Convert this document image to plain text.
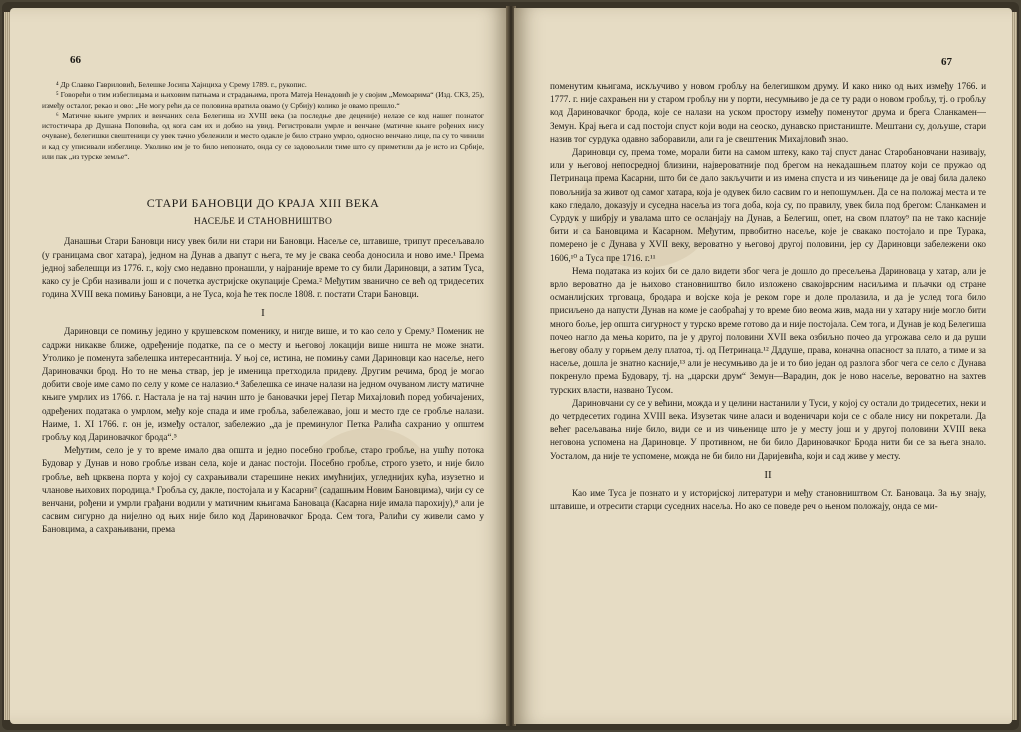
66

⁴ Др Славко Гавриловић, Белешке Јосипа Хајнциха у Срему 1789. г., рукопис.

⁵ Говорећи о тим избеглицама и њиховим патњама и страдањима, прота Матеја Ненадовић је у својим „Мемоарима“ (Изд. СКЗ, 25), између осталог, рекао и ово: „Не могу рећи да се половина вратила овамо (у Србију) колико је овамо прешло.“

⁶ Матичне књиге умрлих и венчаних села Белегиша из XVIII века (за последње две деценије) нелазе се код нашег познатог истостичара др Душана Поповића, од кога сам их и добио на увид. Регистровали умрле и венчане (матичне књиге рођених нису очуване), белегишки свештеници су увек тачно убележили и место одакле је било страно умрло, односно венчано лице, па су то чинили и кад су уписивали избеглице. Уколико им је то било непознато, онда су се задовољили тиме што су приметили да је исто из Србије, или пак „из турске земље“.

СТАРИ БАНОВЦИ ДО КРАЈА XIII ВЕКА
НАСЕЉЕ И СТАНОВНИШТВО

Данашњи Стари Бановци нису увек били ни стари ни Бановци. Насеље се, штавише, трипут пресељавало (у границама свог хатара), једном на Дунав а двапут с њега, те му је свака сеоба доносила и ново име.¹ Према једној забелешци из 1776. г., коју смо недавно пронашли, у најраније време то су били Дариновци, а затим Туса, како су је Срби називали још и с почетка аустријске окупације Срема.² Међутим званично се већ од тридесетих година XVIII века помињу Бановци, а не Туса, која ће тек после 1808. г. постати Стари Бановци.

I

Дариновци се помињу једино у крушевском поменику, и нигде више, и то као село у Срему.³ Поменик не садржи никакве ближе, одређеније податке, па се о месту и његовој локацији више ништа не може знати. Утолико је поменута забелешка интересантнија. У њој се, истина, не помињу сами Дариновци као насеље, него Дариновачки брод. Но то не мења ствар, јер је именица претходила придеву. Другим речима, брод је могао добити своје име само по селу у коме се налазио.⁴ Забелешка се иначе налази на једном очуваном листу матичне књиге умрлих из 1766. г. Настала је на тај начин што је бановачки јереј Петар Михајловић поред уобичајених, одређених података о умрлом, међу које спада и име гробља, забележавао, још и место где се гробље налази. Наиме, 1. XI 1766. г. он је, између осталог, забележио „да је преминулог Петка Ралића сахранио у општем гробљу код Дариновачког брода“.⁵

Међутим, село је у то време имало два општа и једно посебно гробље, старо гробље, на ушћу потока Будовар у Дунав и ново гробље изван села, које и данас постоји. Посебно гробље, строго узето, и није било гробље, већ црквена порта у којој су сахрањивали старешине неких имућнијих, угледнијих кућа, изузетно и чланове њихових породица.⁶ Гробља су, дакле, постојала и у Касарни⁷ (садашњим Новим Бановцима), чији су се венчани, рођени и умрли грађани водили у матичним књигама Бановаца (Касарна није имала парохију),⁸ али је сасвим сигурно да нијелно од њих није било код Дариновачког Брода. Сем тога, Ралићи су живели само у Бановцима, а сахрањивани, према

67

поменутим књигама, искључиво у новом гробљу на белегишком друму. И како нико од њих између 1766. и 1777. г. није сахрањен ни у старом гробљу ни у порти, несумњиво је да се ту ради о новом гробљу, тј. о гробљу код Дариновачког брода, које се налази на уском простору између поменутог друма и брега Сланкамен—Земун. Крај њега и сад постоји спуст који води на сеоско, дунавско пристаниште. Мештани су, дољуше, стари назив тог сурдука одавно заборавили, али га је свештеник Михајловић знао.

Дариновци су, према томе, морали бити на самом штеку, како тај спуст данас Старобановчани називају, или у његовој непосредној близини, највероватније под брегом на некадашњем платоу који се пружао од Петринаца према Касарни, што би се дало закључити и из имена спуста и из чињенице да је овај била далеко повољнија за живот од самог хатара, која је одувек било сасвим го и непошумљен. Да се на положај места и те како гледало, доказују и суседна насеља из тога доба, која су, по правилу, увек била под брегом: Сланкамен и Сурдук у шибрју и увалама што се осланјају на Дунав, а Белегиш, опет, на свом платоу⁹ па не тако касније бити и са Бановцима и Касарном. Међутим, првобитно насеље, које је свакако постојало и пре Турака, померено је с Дунава у XVII веку, вероватно у његовој другој половини, јер су Дариновци забележени око 1606,¹⁰ а Туса пре 1716. г.¹¹

Нема података из којих би се дало видети због чега је дошло до пресељења Дариноваца у хатар, али је врло вероватно да је њихово становништво било изложено свакојврсним насиљима и пљачки од стране османлијских трговаца, бродара и војске која је реком горе и доле пролазила, и да је услед тога било присиљено да напусти Дунав на коме је саобраћај у то време био веома жив, мада ни у хатару није могло бити много боље, јер општа сигурност у турско време готово да и није постојала. Сем тога, и Дунав је код Белегиша почео нагло да мења корито, па је у другој половини XVII века озбиљно почео да угрожава село и да руши његову обалу у горњем делу платоа, тј. од Петринаца.¹² Дддуше, права, коначна опасност за плато, а тиме и за насеље, дошла је знатно касније,¹³ али је несумњиво да је и то био један од разлога због чега се село с Дунава покренуло према Будовару, тј. на „царски друм“ Земун—Варадин, док је ново насеље, вероватно на захтев турских власти, названо Тусом.

Дариновчани су се у већини, можда и у целини настанили у Туси, у којој су остали до тридесетих, неки и до четрдесетих година XVIII века. Изузетак чине аласи и воденичари који се с обале нису ни покретали. Да већег расељавања није било, види се и из чињенице што је у месту још и у другој половини XVIII века неговона успомена на Дариновце. У противном, не би било Дариновачког Брода нити би се за њега знало. Уосталом, да није те успомене, можда не би било ни Даријевића, који и сад живе у месту.

II

Као име Туса је познато и у историјској литератури и међу становништвом Ст. Бановаца. За њу знају, штавише, и отресити старци суседних насеља. Но ако се поведе реч о њеном положају, онда се ми-
